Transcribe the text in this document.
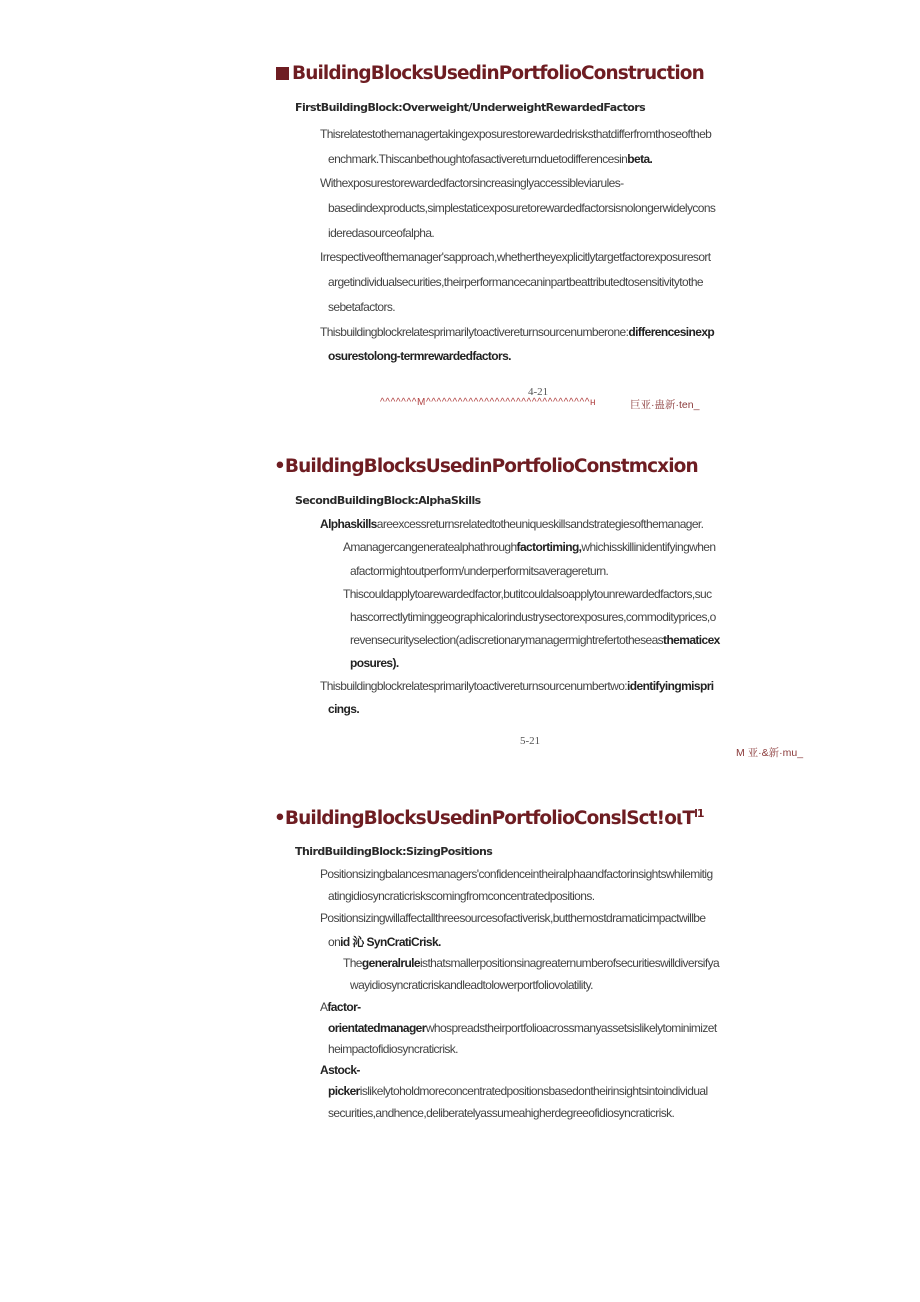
BuildingBlocksUsedinPortfolioConstruction
FirstBuildingBlock:Overweight/UnderweightRewardedFactors
Thisrelatestothemanagertakingexposurestorewardedrisksthatdifferfromthoseofthеb
enchmark.Thiscanbethoughtofasactivereturnduetodifferencesinbeta.
Withexposurestorewardedfactorsincreasinglyaccessibleviarules-
basedindexproducts,simplestaticexposuretorewardedfactorsisnolongerwidelycons
ideredasourceofalpha.
Irrespectiveofthemanager'sapproach,whethertheyexplicitlytargetfactorexposuresort
argetindividualsecurities,theirperformancecaninpartbeattributedtosensitivitytothe
sebetafactors.
Thisbuildingblockrelatesprimarilytoactivereturnsourcenumberone:differencesinexp
osurestolong-termrewardedfactors.
4-21
^^^^^^^M^^^^^^^^^^^^^^^^^^^^^^^^^^^^^^^н	巨亚·蛊新·ten_
•BuildingBlocksUsedinPortfolioConstmcxion
SecondBuildingBlock:AlphaSkills
Alphaskillsareexcessreturnsrelatedtotheuniqueskillsandstrategiesofthemanager.
Amanagercangeneratealphathroughfactortiming,whichisskillinidentifyingwhen
afactormightoutperform/underperformitsaveragereturn.
Thiscouldapplytoarewardedfactor,butitcouldalsoapplytounrewardedfactors,suc
hascorrectlytiminggeographicalorindustrysectorexposures,commodityprices,o
revensecurityselection(adiscretionarymanagermightrefertotheseasthematicex
posures).
Thisbuildingblockrelatesprimarilytoactivereturnsourcenumbertwo:identifyingmispri
cings.
5-21
M 亚·&新·mu_
•BuildingBlocksUsedinPortfolioConslSct!oιT$^{l1}$
ThirdBuildingBlock:SizingPositions
Positionsizingbalancesmanagers'confidenceintheiralphaandfactorinsightswhilemitig
atingidiosyncraticriskscomingfromconcentratedpositions.
Positionsizingwillaffectallthreesourcesofactiverisk,butthemostdramaticimpactwillbe
onid 沁 SynCratiCrisk.
Thegeneralruleisthatsmallerpositionsinagreaternumberofsecuritieswilldiversifya
wayidiosyncraticriskandleadtolowerportfoliovolatility.
Afactor-
orientatedmanagerwhospreadstheirportfolioacrossmanyassetsislikelytominimizet
heimpactofidiosyncraticrisk.
Astock-
pickerislikelytoholdmoreconcentratedpositionsbasedontheirinsightsintoindividual
securities,andhence,deliberatelyassumeahigherdegreeofidiosyncraticrisk.
